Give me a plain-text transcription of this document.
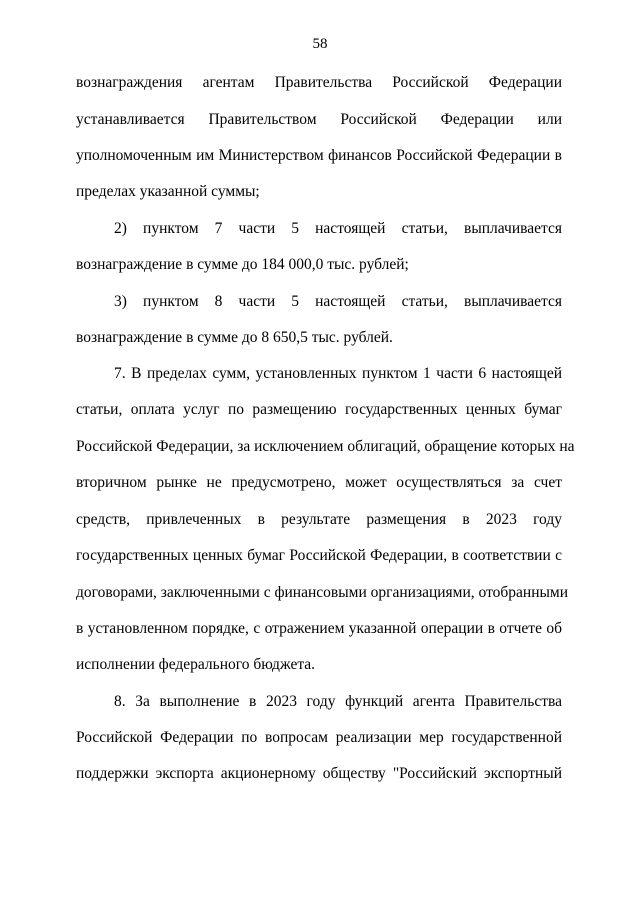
58
вознаграждения агентам Правительства Российской Федерации
устанавливается Правительством Российской Федерации или
уполномоченным им Министерством финансов Российской Федерации в
пределах указанной суммы;
2) пунктом 7 части 5 настоящей статьи, выплачивается
вознаграждение в сумме до 184 000,0 тыс. рублей;
3) пунктом 8 части 5 настоящей статьи, выплачивается
вознаграждение в сумме до 8 650,5 тыс. рублей.
7. В пределах сумм, установленных пунктом 1 части 6 настоящей
статьи, оплата услуг по размещению государственных ценных бумаг
Российской Федерации, за исключением облигаций, обращение которых на
вторичном рынке не предусмотрено, может осуществляться за счет
средств, привлеченных в результате размещения в 2023 году
государственных ценных бумаг Российской Федерации, в соответствии с
договорами, заключенными с финансовыми организациями, отобранными
в установленном порядке, с отражением указанной операции в отчете об
исполнении федерального бюджета.
8. За выполнение в 2023 году функций агента Правительства
Российской Федерации по вопросам реализации мер государственной
поддержки экспорта акционерному обществу "Российский экспортный
